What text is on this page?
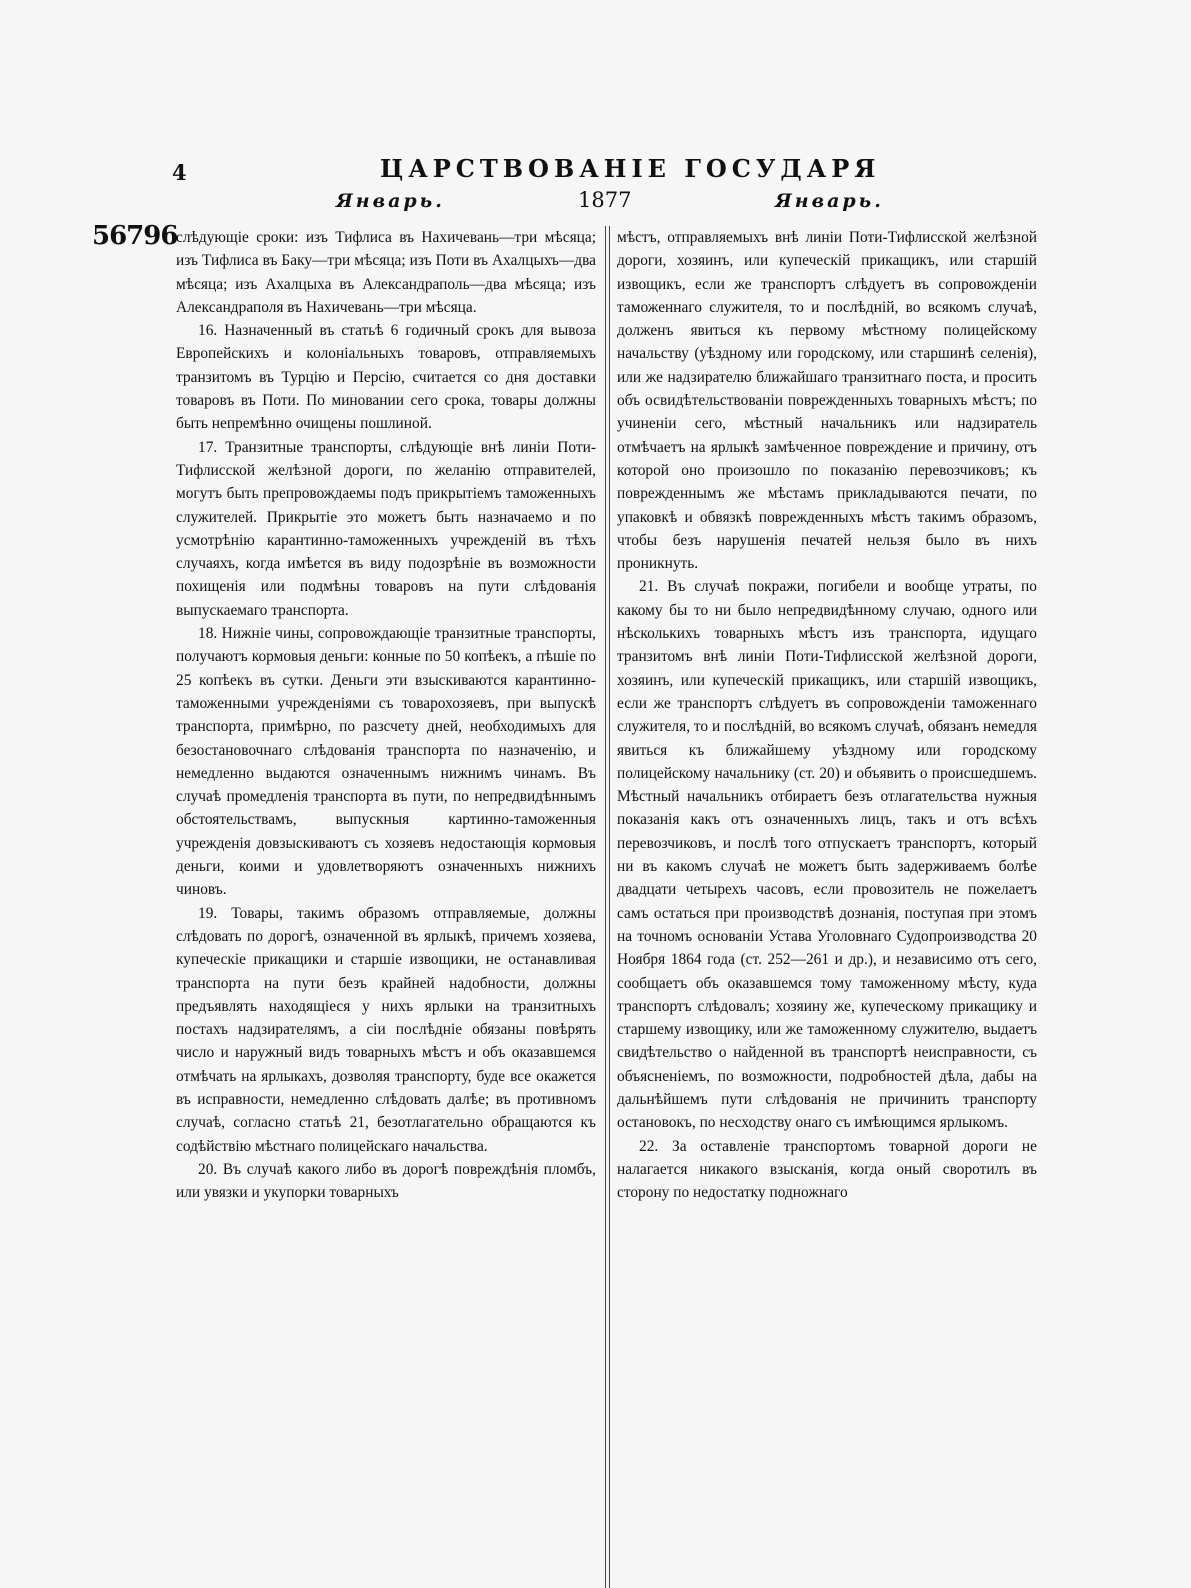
4	ЦАРСТВОВАНІЕ ГОСУДАРЯ
Январь.	1877	Январь.
56796

слѣдующіе сроки: изъ Тифлиса въ Нахичевань—три мѣсяца; изъ Тифлиса въ Баку—три мѣсяца; изъ Поти въ Ахалцыхъ—два мѣсяца; изъ Ахалцыха въ Александраполь—два мѣсяца; изъ Александраполя въ Нахичевань—три мѣсяца.

16. Назначенный въ статьѣ 6 годичный срокъ для вывоза Европейскихъ и колоніальныхъ товаровъ, отправляемыхъ транзитомъ въ Турцію и Персію, считается со дня доставки товаровъ въ Поти. По миновании сего срока, товары должны быть непремѣнно очищены пошлиной.

17. Транзитные транспорты, слѣдующіе внѣ линіи Поти-Тифлисской желѣзной дороги, по желанію отправителей, могутъ быть препровождаемы подъ прикрытіемъ таможенныхъ служителей. Прикрытіе это можетъ быть назначаемо и по усмотрѣнію карантинно-таможенныхъ учрежденій въ тѣхъ случаяхъ, когда имѣется въ виду подозрѣніе въ возможности похищенія или подмѣны товаровъ на пути слѣдованія выпускаемаго транспорта.

18. Нижніе чины, сопровождающіе транзитные транспорты, получаютъ кормовыя деньги: конные по 50 копѣекъ, а пѣшіе по 25 копѣекъ въ сутки. Деньги эти взыскиваются карантинно-таможенными учрежденіями съ товарохозяевъ, при выпускѣ транспорта, примѣрно, по разсчету дней, необходимыхъ для безостановочнаго слѣдованія транспорта по назначенію, и немедленно выдаются означеннымъ нижнимъ чинамъ. Въ случаѣ промедленія транспорта въ пути, по непредвидѣннымъ обстоятельствамъ, выпускныя картинно-таможенныя учрежденія довзыскиваютъ съ хозяевъ недостающія кормовыя деньги, коими и удовлетворяютъ означенныхъ нижнихъ чиновъ.

19. Товары, такимъ образомъ отправляемые, должны слѣдовать по дорогѣ, означенной въ ярлыкѣ, причемъ хозяева, купеческіе прикащики и старшіе извощики, не останавливая транспорта на пути безъ крайней надобности, должны предъявлять находящіеся у нихъ ярлыки на транзитныхъ постахъ надзирателямъ, а сіи послѣдніе обязаны повѣрять число и наружный видъ товарныхъ мѣстъ и объ оказавшемся отмѣчать на ярлыкахъ, дозволяя транспорту, буде все окажется въ исправности, немедленно слѣдовать далѣе; въ противномъ случаѣ, согласно статьѣ 21, безотлагательно обращаются къ содѣйствію мѣстнаго полицейскаго начальства.

20. Въ случаѣ какого либо въ дорогѣ повреждѣнія пломбъ, или увязки и укупорки товарныхъ

мѣстъ, отправляемыхъ внѣ линіи Поти-Тифлисской желѣзной дороги, хозяинъ, или купеческій прикащикъ, или старшій извощикъ, если же транспортъ слѣдуетъ въ сопровожденіи таможеннаго служителя, то и послѣдній, во всякомъ случаѣ, долженъ явиться къ первому мѣстному полицейскому начальству (уѣздному или городскому, или старшинѣ селенія), или же надзирателю ближайшаго транзитнаго поста, и просить объ освидѣтельствованіи поврежденныхъ товарныхъ мѣстъ; по учиненіи сего, мѣстный начальникъ или надзиратель отмѣчаетъ на ярлыкѣ замѣченное повреждение и причину, отъ которой оно произошло по показанію перевозчиковъ; къ поврежденнымъ же мѣстамъ прикладываются печати, по упаковкѣ и обвязкѣ поврежденныхъ мѣстъ такимъ образомъ, чтобы безъ нарушенія печатей нельзя было въ нихъ проникнуть.

21. Въ случаѣ покражи, погибели и вообще утраты, по какому бы то ни было непредвидѣнному случаю, одного или нѣсколькихъ товарныхъ мѣстъ изъ транспорта, идущаго транзитомъ внѣ линіи Поти-Тифлисской желѣзной дороги, хозяинъ, или купеческій прикащикъ, или старшій извощикъ, если же транспортъ слѣдуетъ въ сопровожденіи таможеннаго служителя, то и послѣдній, во всякомъ случаѣ, обязанъ немедля явиться къ ближайшему уѣздному или городскому полицейскому начальнику (ст. 20) и объявить о происшедшемъ. Мѣстный начальникъ отбираетъ безъ отлагательства нужныя показанія какъ отъ означенныхъ лицъ, такъ и отъ всѣхъ перевозчиковъ, и послѣ того отпускаетъ транспортъ, который ни въ какомъ случаѣ не можетъ быть задерживаемъ болѣе двадцати четырехъ часовъ, если провозитель не пожелаетъ самъ остаться при производствѣ дознанія, поступая при этомъ на точномъ основаніи Устава Уголовнаго Судопроизводства 20 Ноября 1864 года (ст. 252—261 и др.), и независимо отъ сего, сообщаетъ объ оказавшемся тому таможенному мѣсту, куда транспортъ слѣдовалъ; хозяину же, купеческому прикащику и старшему извощику, или же таможенному служителю, выдаетъ свидѣтельство о найденной въ транспортѣ неисправности, съ объясненіемъ, по возможности, подробностей дѣла, дабы на дальнѣйшемъ пути слѣдованія не причинить транспорту остановокъ, по несходству онаго съ имѣющимся ярлыкомъ.

22. За оставленіе транспортомъ товарной дороги не налагается никакого взысканія, когда оный своротилъ въ сторону по недостатку подножнаго
